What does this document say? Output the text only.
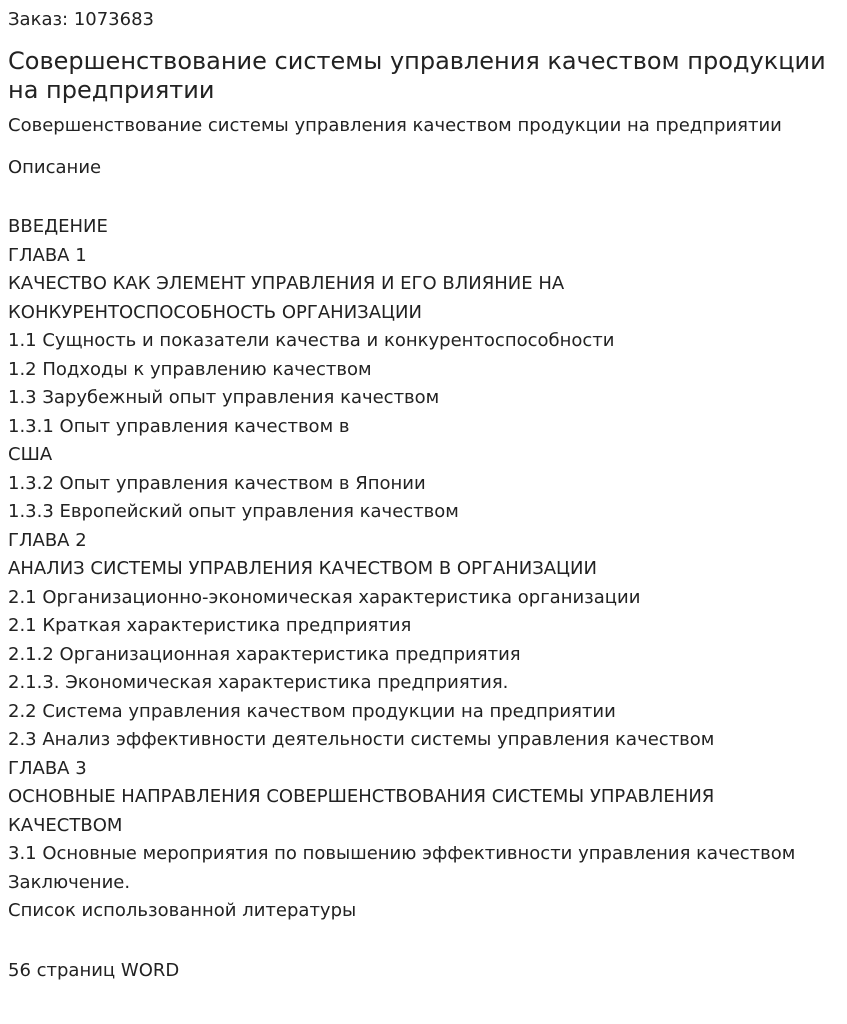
Заказ: 1073683

Совершенствование системы управления качеством продукции на предприятии

Совершенствование системы управления качеством продукции на предприятии

Описание

ВВЕДЕНИЕ
ГЛАВА 1
КАЧЕСТВО КАК ЭЛЕМЕНТ УПРАВЛЕНИЯ И ЕГО ВЛИЯНИЕ НА
КОНКУРЕНТОСПОСОБНОСТЬ ОРГАНИЗАЦИИ
1.1 Сущность и показатели качества и конкурентоспособности
1.2 Подходы к управлению качеством
1.3 Зарубежный опыт управления качеством
1.3.1 Опыт управления качеством в
США
1.3.2 Опыт управления качеством в Японии
1.3.3 Европейский опыт управления качеством
ГЛАВА 2
АНАЛИЗ СИСТЕМЫ УПРАВЛЕНИЯ КАЧЕСТВОМ В ОРГАНИЗАЦИИ
2.1 Организационно-экономическая характеристика организации
2.1 Краткая характеристика предприятия
2.1.2 Организационная характеристика предприятия
2.1.3. Экономическая характеристика предприятия.
2.2 Система управления качеством продукции на предприятии
2.3 Анализ эффективности деятельности системы управления качеством
ГЛАВА 3
ОСНОВНЫЕ НАПРАВЛЕНИЯ СОВЕРШЕНСТВОВАНИЯ СИСТЕМЫ УПРАВЛЕНИЯ
КАЧЕСТВОМ
3.1 Основные мероприятия по повышению эффективности управления качеством
Заключение.
Список использованной литературы

56 страниц WORD
